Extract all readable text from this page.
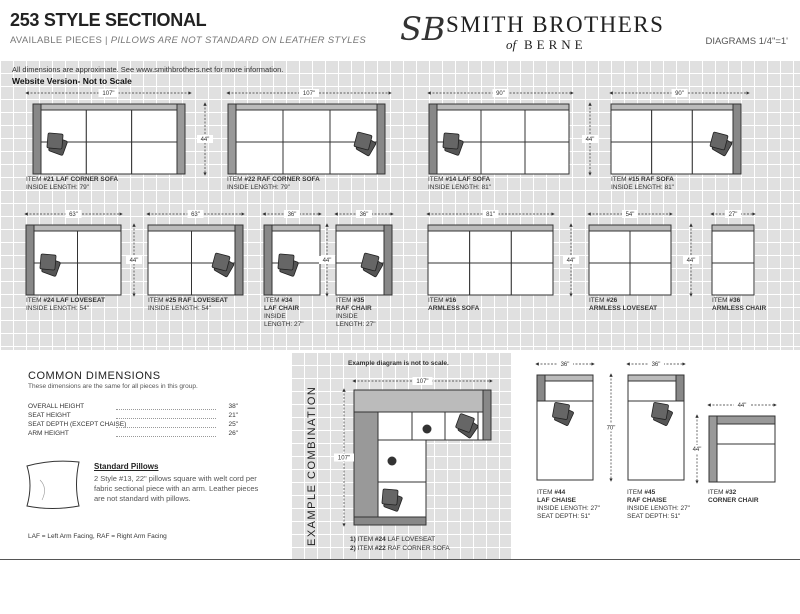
253 STYLE SECTIONAL
AVAILABLE PIECES | PILLOWS ARE NOT STANDARD ON LEATHER STYLES SB SMITH BROTHERS
of BERNE	DIAGRAMS 1/4"=1'
All dimensions are approximate. See www.smithbrothers.net for more information.
Website Version- Not to Scale
107"
44"
107"	90"
44"
90"
63"
44"
63"	36"
44"
36"	81"
44"
54"
44"
27"
36"
70"
36"
44"
44"
1
2
107"
107"
ITEM #21 LAF CORNER SOFA
INSIDE LENGTH: 79"
ITEM #22 RAF CORNER SOFA
INSIDE LENGTH: 79"
ITEM #14 LAF SOFA
INSIDE LENGTH: 81"
ITEM #15 RAF SOFA
INSIDE LENGTH: 81"
ITEM #24 LAF LOVESEAT
INSIDE LENGTH: 54"
ITEM #25 RAF LOVESEAT
INSIDE LENGTH: 54"
ITEM #34
LAF CHAIR
INSIDE
LENGTH: 27"
ITEM #35
RAF CHAIR
INSIDE
LENGTH: 27"
ITEM #16
ARMLESS SOFA
ITEM #26
ARMLESS LOVESEAT
ITEM #36
ARMLESS CHAIR
COMMON DIMENSIONS
These dimensions are the same for all pieces in this group.
OVERALL HEIGHT	38"
SEAT HEIGHT	21"
SEAT DEPTH (EXCEPT CHAISE)	25"
ARM HEIGHT	26"
Standard Pillows
2 Style #13, 22" pillows square with welt cord per fabric sectional piece with an arm. Leather pieces are not standard with pillows.
LAF = Left Arm Facing, RAF = Right Arm Facing	EXAMPLE COMBINATION
Example diagram is not to scale.
1) ITEM #24 LAF LOVESEAT
2) ITEM #22 RAF CORNER SOFA
ITEM #44
LAF CHAISE
INSIDE LENGTH: 27"
SEAT DEPTH: 51"
ITEM #45
RAF CHAISE
INSIDE LENGTH: 27"
SEAT DEPTH: 51"
ITEM #32
CORNER CHAIR
